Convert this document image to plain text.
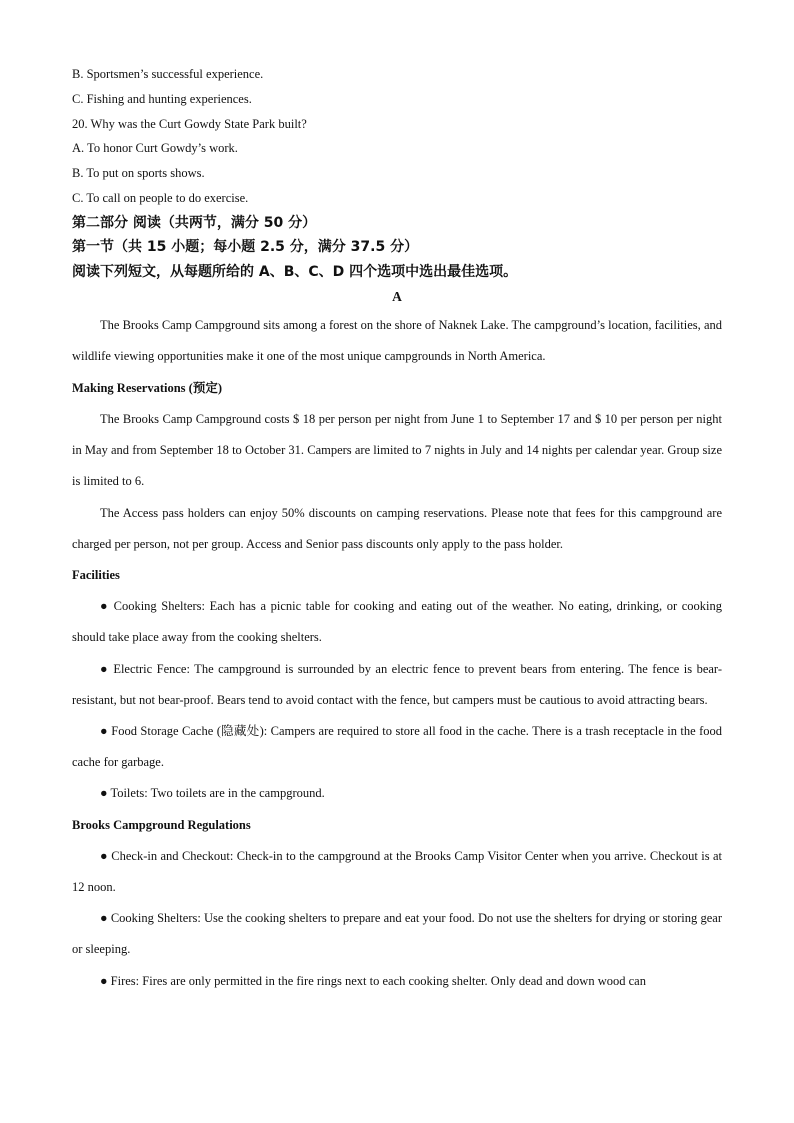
B. Sportsmen’s successful experience.

C. Fishing and hunting experiences.

20. Why was the Curt Gowdy State Park built?

A. To honor Curt Gowdy’s work.

B. To put on sports shows.

C. To call on people to do exercise.

第二部分 阅读（共两节，满分 50 分）

第一节（共 15 小题；每小题 2.5 分，满分 37.5 分）

阅读下列短文，从每题所给的 A、B、C、D 四个选项中选出最佳选项。

A

The Brooks Camp Campground sits among a forest on the shore of Naknek Lake. The campground’s location, facilities, and wildlife viewing opportunities make it one of the most unique campgrounds in North America.

Making Reservations (预定)

The Brooks Camp Campground costs $ 18 per person per night from June 1 to September 17 and $ 10 per person per night in May and from September 18 to October 31. Campers are limited to 7 nights in July and 14 nights per calendar year. Group size is limited to 6.

The Access pass holders can enjoy 50% discounts on camping reservations. Please note that fees for this campground are charged per person, not per group. Access and Senior pass discounts only apply to the pass holder.

Facilities

● Cooking Shelters: Each has a picnic table for cooking and eating out of the weather. No eating, drinking, or cooking should take place away from the cooking shelters.

● Electric Fence: The campground is surrounded by an electric fence to prevent bears from entering. The fence is bear-resistant, but not bear-proof. Bears tend to avoid contact with the fence, but campers must be cautious to avoid attracting bears.

● Food Storage Cache (隐藏处): Campers are required to store all food in the cache. There is a trash receptacle in the food cache for garbage.

● Toilets: Two toilets are in the campground.

Brooks Campground Regulations

● Check-in and Checkout: Check-in to the campground at the Brooks Camp Visitor Center when you arrive. Checkout is at 12 noon.

● Cooking Shelters: Use the cooking shelters to prepare and eat your food. Do not use the shelters for drying or storing gear or sleeping.

● Fires: Fires are only permitted in the fire rings next to each cooking shelter. Only dead and down wood can
